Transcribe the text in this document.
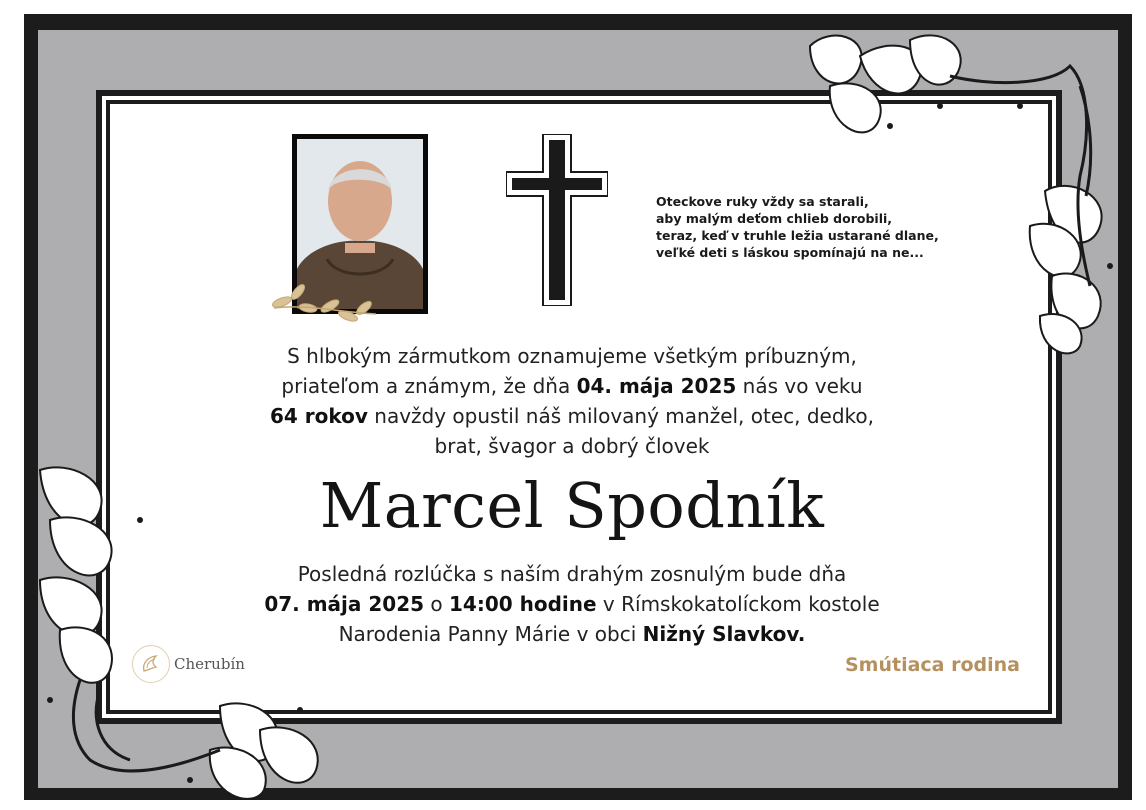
Oteckove ruky vždy sa starali,
aby malým deťom chlieb dorobili,
teraz, keď v truhle ležia ustarané dlane,
veľké deti s láskou spomínajú na ne...
S hlbokým zármutkom oznamujeme všetkým príbuzným,
priateľom a známym, že dňa 04. mája 2025 nás vo veku
64 rokov navždy opustil náš milovaný manžel, otec, dedko,
brat, švagor a dobrý človek
Marcel Spodník
Posledná rozlúčka s naším drahým zosnulým bude dňa
07. mája 2025 o 14:00 hodine v Rímskokatolíckom kostole
Narodenia Panny Márie v obci Nižný Slavkov.
Smútiaca rodina
Cherubín
